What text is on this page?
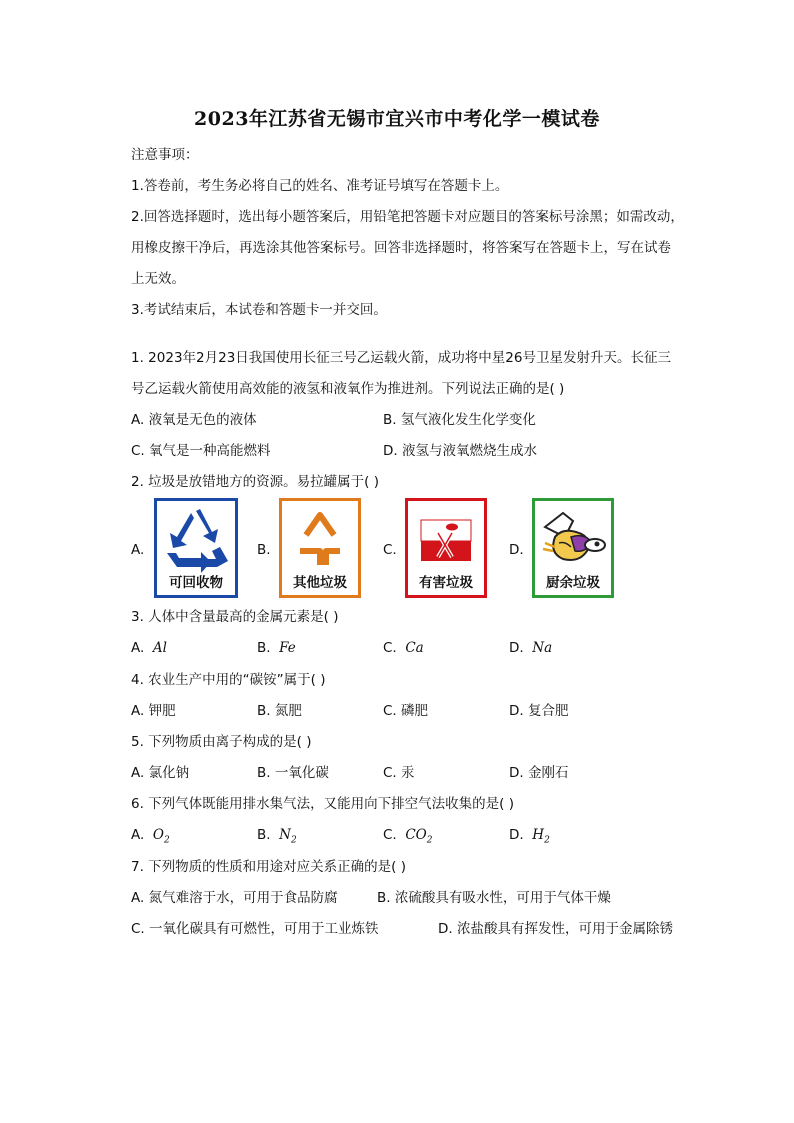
2023年江苏省无锡市宜兴市中考化学一模试卷
注意事项：
1.答卷前，考生务必将自己的姓名、准考证号填写在答题卡上。
2.回答选择题时，选出每小题答案后，用铅笔把答题卡对应题目的答案标号涂黑；如需改动，
用橡皮擦干净后，再选涂其他答案标号。回答非选择题时，将答案写在答题卡上，写在试卷
上无效。
3.考试结束后，本试卷和答题卡一并交回。
1. 2023年2月23日我国使用长征三号乙运载火箭，成功将中星26号卫星发射升天。长征三
号乙运载火箭使用高效能的液氢和液氧作为推进剂。下列说法正确的是( )
A. 液氧是无色的液体	B. 氢气液化发生化学变化
C. 氧气是一种高能燃料	D. 液氢与液氧燃烧生成水
2. 垃圾是放错地方的资源。易拉罐属于( )
A.	B.	C.	D.
可回收物	其他垃圾	有害垃圾	厨余垃圾
3. 人体中含量最高的金属元素是( )
A. Al	B. Fe	C. Ca	D. Na
4. 农业生产中用的“碳铵”属于( )
A. 钾肥	B. 氮肥	C. 磷肥	D. 复合肥
5. 下列物质由离子构成的是( )
A. 氯化钠	B. 一氧化碳	C. 汞	D. 金刚石
6. 下列气体既能用排水集气法，又能用向下排空气法收集的是( )
A. $O_2$	B. $N_2$	C. $CO_2$	D. $H_2$
7. 下列物质的性质和用途对应关系正确的是( )
A. 氮气难溶于水，可用于食品防腐	B. 浓硫酸具有吸水性，可用于气体干燥
C. 一氧化碳具有可燃性，可用于工业炼铁	D. 浓盐酸具有挥发性，可用于金属除锈
